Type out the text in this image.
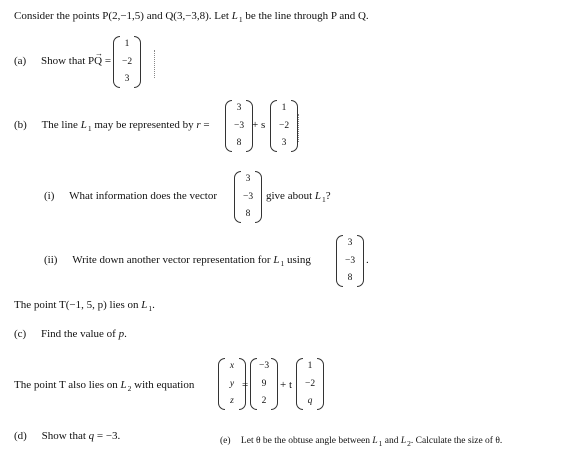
Consider the points P(2,−1,5) and Q(3,−3,8). Let $L_1$ be the line through P and Q.
(a) Show that
→
PQ =
1
−2
3
(b) The line $L_1$ may be represented by r =
3
−3
8
+ s
1
−2
3
(i) What information does the vector
3
−3
8
give about $L_1$?
(ii) Write down another vector representation for $L_1$ using
3
−3
8
.
The point T(−1, 5, p) lies on $L_1$.
(c) Find the value of p.
The point T also lies on $L_2$ with equation
x
y
z
=
−3
9
2
+ t
1
−2
q
(d) Show that q = −3.	(e) Let θ be the obtuse angle between $L_1$ and $L_2$. Calculate the size of θ.
